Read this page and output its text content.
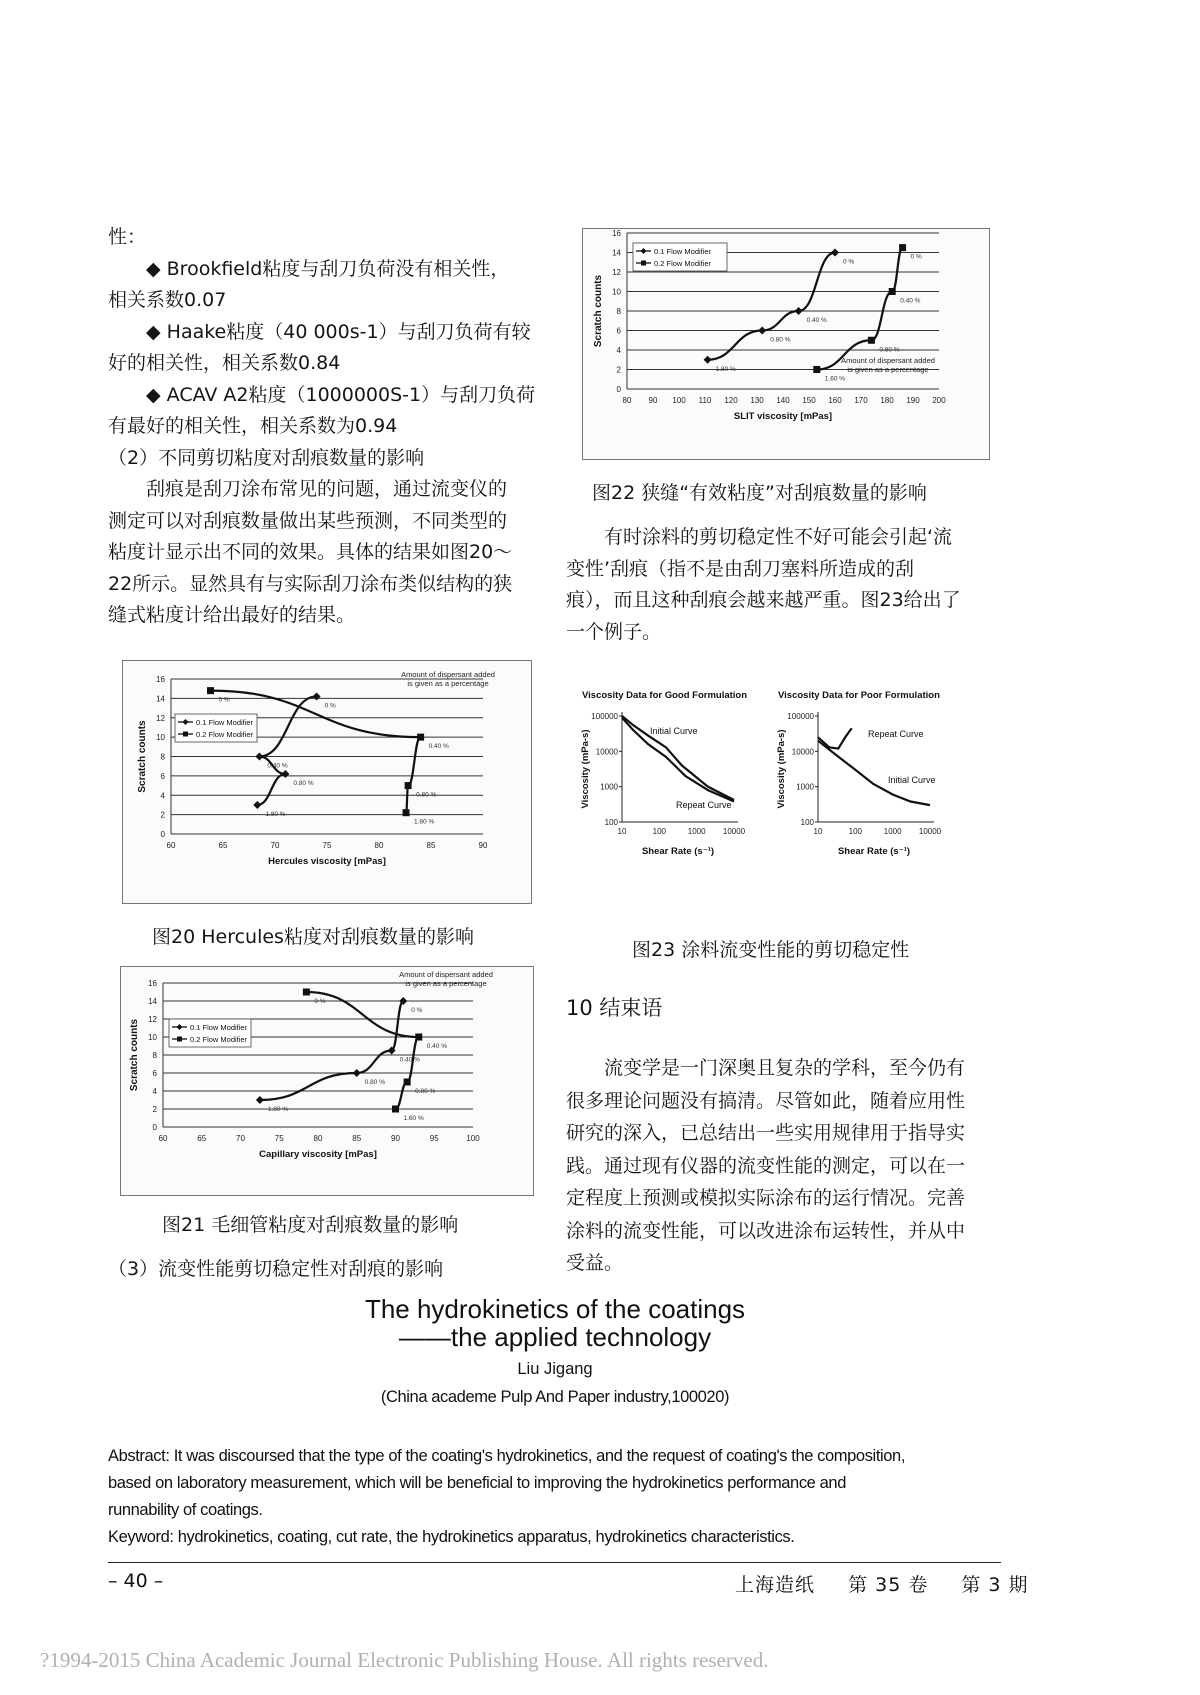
性：

◆ Brookfield粘度与刮刀负荷没有相关性，

相关系数0.07

◆ Haake粘度（40 000s-1）与刮刀负荷有较

好的相关性，相关系数0.84

◆ ACAV A2粘度（1000000S-1）与刮刀负荷

有最好的相关性，相关系数为0.94

（2）不同剪切粘度对刮痕数量的影响

刮痕是刮刀涂布常见的问题，通过流变仪的

测定可以对刮痕数量做出某些预测，不同类型的

粘度计显示出不同的效果。具体的结果如图20～

22所示。显然具有与实际刮刀涂布类似结构的狭

缝式粘度计给出最好的结果。

0
2
4
6
8
10
12
14
16
60	65	70	75	80	85	90
Hercules viscosity [mPas]
Scratch counts
Amount of dispersant added
is given as a percentage
0.1 Flow Modifier
0.2 Flow Modifier
1.80 %
0.80 %
0.40 %
0 %
0 %
0.40 %
0.80 %
1.80 %
图20 Hercules粘度对刮痕数量的影响
0
2
4
6
8
10
12
14
16
60	65	70	75	80	85	90	95	100
Capillary viscosity [mPas]
Scratch counts
Amount of dispersant added
is given as a percentage
0.1 Flow Modifier
0.2 Flow Modifier
1.80 %
0.80 %
0.40 %
0 %
0 %
0.40 %
0.80 %
1.60 %
图21 毛细管粘度对刮痕数量的影响
（3）流变性能剪切稳定性对刮痕的影响
0
2
4
6
8
10
12
14
16
80 90 100 110 120 130 140 150 160 170 180 190 200
SLIT viscosity [mPas]
Scratch counts
Amount of dispersant added
is given as a percentage
0.1 Flow Modifier
0.2 Flow Modifier
1.80 %
0.80 %
0.40 %
0 %
1.60 %
0.80 %
0.40 %
0 %
图22 狭缝“有效粘度”对刮痕数量的影响

有时涂料的剪切稳定性不好可能会引起‘流

变性’刮痕（指不是由刮刀塞料所造成的刮

痕），而且这种刮痕会越来越严重。图23给出了

一个例子。

Viscosity Data for Good Formulation
100
1000
10000
100000
10	100	1000 10000
Shear Rate (s⁻¹)
Viscosity (mPa-s)
Viscosity Data for Poor Formulation
100
1000
10000
100000
10	100	1000 10000
Shear Rate (s⁻¹)
Viscosity (mPa-s)
Initial Curve
Repeat Curve
Repeat Curve
Initial Curve
图23 涂料流变性能的剪切稳定性
10 结束语

流变学是一门深奥且复杂的学科，至今仍有

很多理论问题没有搞清。尽管如此，随着应用性

研究的深入，已总结出一些实用规律用于指导实

践。通过现有仪器的流变性能的测定，可以在一

定程度上预测或模拟实际涂布的运行情况。完善

涂料的流变性能，可以改进涂布运转性，并从中

受益。

The hydrokinetics of the coatings
——the applied technology
Liu Jigang
(China academe Pulp And Paper industry,100020)

Abstract: It was discoursed that the type of the coating's hydrokinetics, and the request of coating's the composition,

based on laboratory measurement, which will be beneficial to improving the hydrokinetics performance and

runnability of coatings.

Keyword: hydrokinetics, coating, cut rate, the hydrokinetics apparatus, hydrokinetics characteristics.

– 40 –	上海造纸 第 35 卷 第 3 期
?1994-2015 China Academic Journal Electronic Publishing House. All rights reserved.
